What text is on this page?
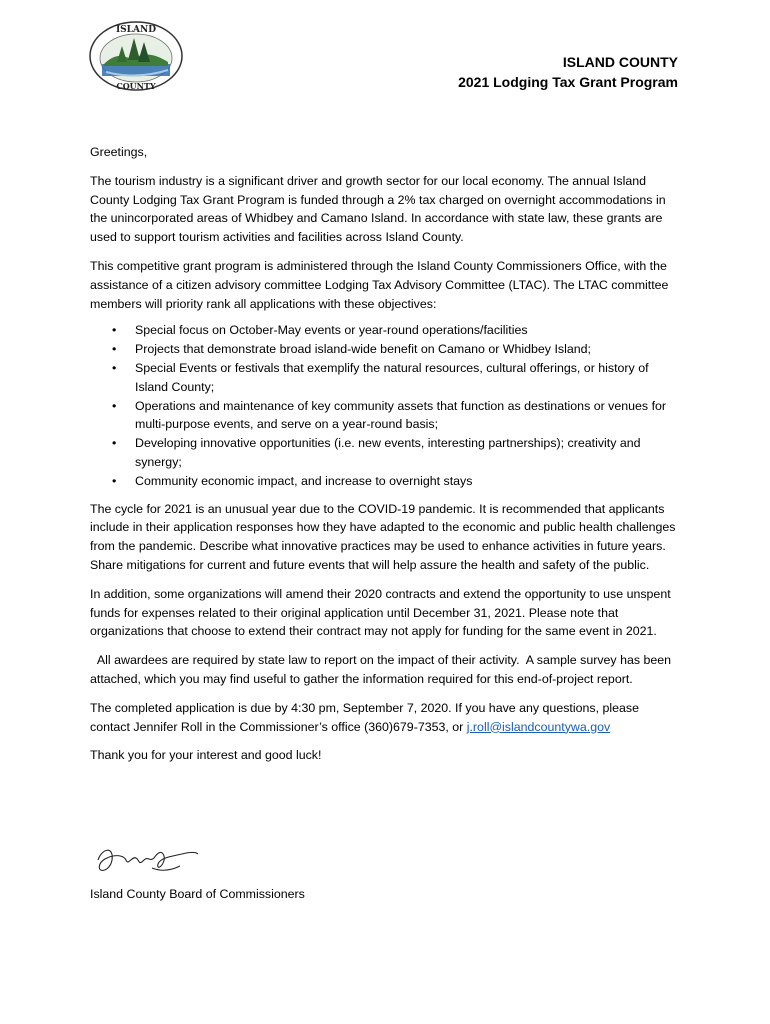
ISLAND
COUNTY
ISLAND COUNTY
2021 Lodging Tax Grant Program

Greetings,

The tourism industry is a significant driver and growth sector for our local economy. The annual Island County Lodging Tax Grant Program is funded through a 2% tax charged on overnight accommodations in the unincorporated areas of Whidbey and Camano Island. In accordance with state law, these grants are used to support tourism activities and facilities across Island County.

This competitive grant program is administered through the Island County Commissioners Office, with the assistance of a citizen advisory committee Lodging Tax Advisory Committee (LTAC). The LTAC committee members will priority rank all applications with these objectives:

• Special focus on October-May events or year-round operations/facilities
• Projects that demonstrate broad island-wide benefit on Camano or Whidbey Island;
• Special Events or festivals that exemplify the natural resources, cultural offerings, or history of Island County;
• Operations and maintenance of key community assets that function as destinations or venues for multi-purpose events, and serve on a year-round basis;
• Developing innovative opportunities (i.e. new events, interesting partnerships); creativity and synergy;
• Community economic impact, and increase to overnight stays

The cycle for 2021 is an unusual year due to the COVID-19 pandemic. It is recommended that applicants include in their application responses how they have adapted to the economic and public health challenges from the pandemic. Describe what innovative practices may be used to enhance activities in future years. Share mitigations for current and future events that will help assure the health and safety of the public.

In addition, some organizations will amend their 2020 contracts and extend the opportunity to use unspent funds for expenses related to their original application until December 31, 2021. Please note that organizations that choose to extend their contract may not apply for funding for the same event in 2021.

All awardees are required by state law to report on the impact of their activity.  A sample survey has been attached, which you may find useful to gather the information required for this end-of-project report.

The completed application is due by 4:30 pm, September 7, 2020. If you have any questions, please contact Jennifer Roll in the Commissioner’s office (360)679-7353, or j.roll@islandcountywa.gov

Thank you for your interest and good luck!

Island County Board of Commissioners
